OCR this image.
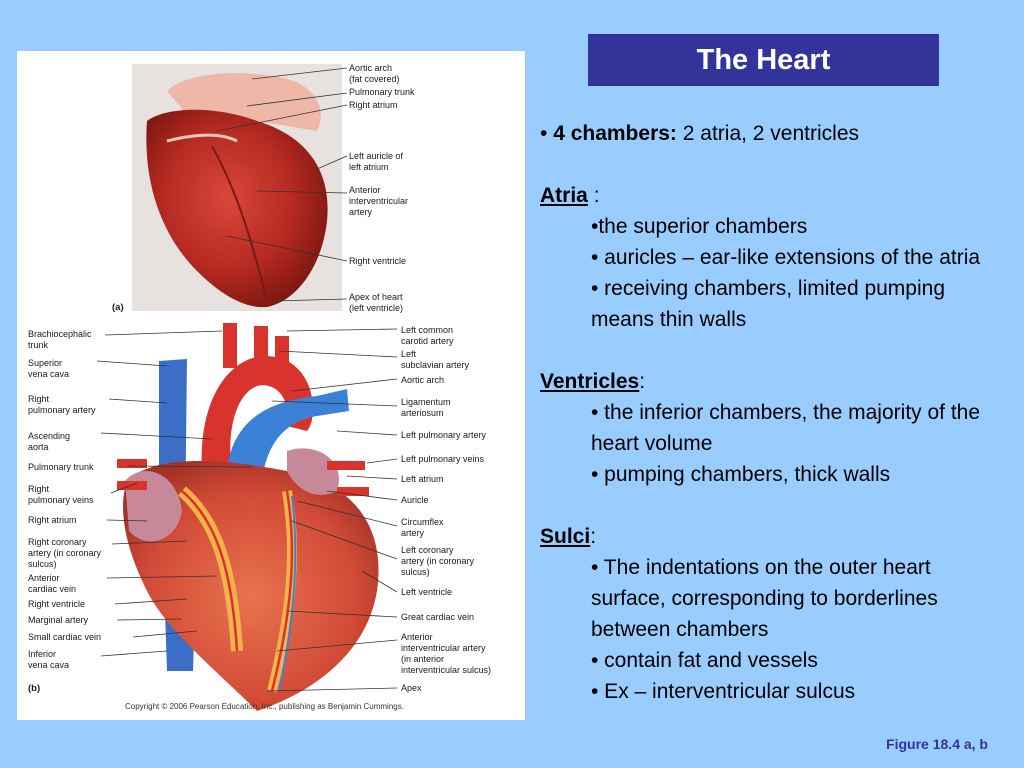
The Heart
Aortic arch
(fat covered)
Pulmonary trunk
Right atrium
Left auricle of
left atrium
Anterior
interventricular
artery
Right ventricle
Apex of heart
(left ventricle)
(a)
Brachiocephalic
trunk
Superior
vena cava
Right
pulmonary artery
Ascending
aorta
Pulmonary trunk
Right
pulmonary veins
Right atrium
Right coronary
artery (in coronary
sulcus)
Anterior
cardiac vein
Right ventricle
Marginal artery
Small cardiac vein
Inferior
vena cava
(b)
Left common
carotid artery
Left
subclavian artery
Aortic arch
Ligamentum
arteriosum
Left pulmonary artery
Left pulmonary veins
Left atrium
Auricle
Circumflex
artery
Left coronary
artery (in coronary
sulcus)
Left ventricle
Great cardiac vein
Anterior
interventricular artery
(in anterior
interventricular sulcus)
Apex
Copyright © 2006 Pearson Education, Inc., publishing as Benjamin Cummings.

• 4 chambers: 2 atria, 2 ventricles

Atria :

•the superior chambers

• auricles – ear-like extensions of the atria

• receiving chambers, limited pumping means thin walls

Ventricles:

• the inferior chambers, the majority of the heart volume

• pumping chambers, thick walls

Sulci:

• The indentations on the outer heart surface, corresponding to borderlines between chambers

• contain fat and vessels

• Ex – interventricular sulcus

Figure 18.4 a, b
